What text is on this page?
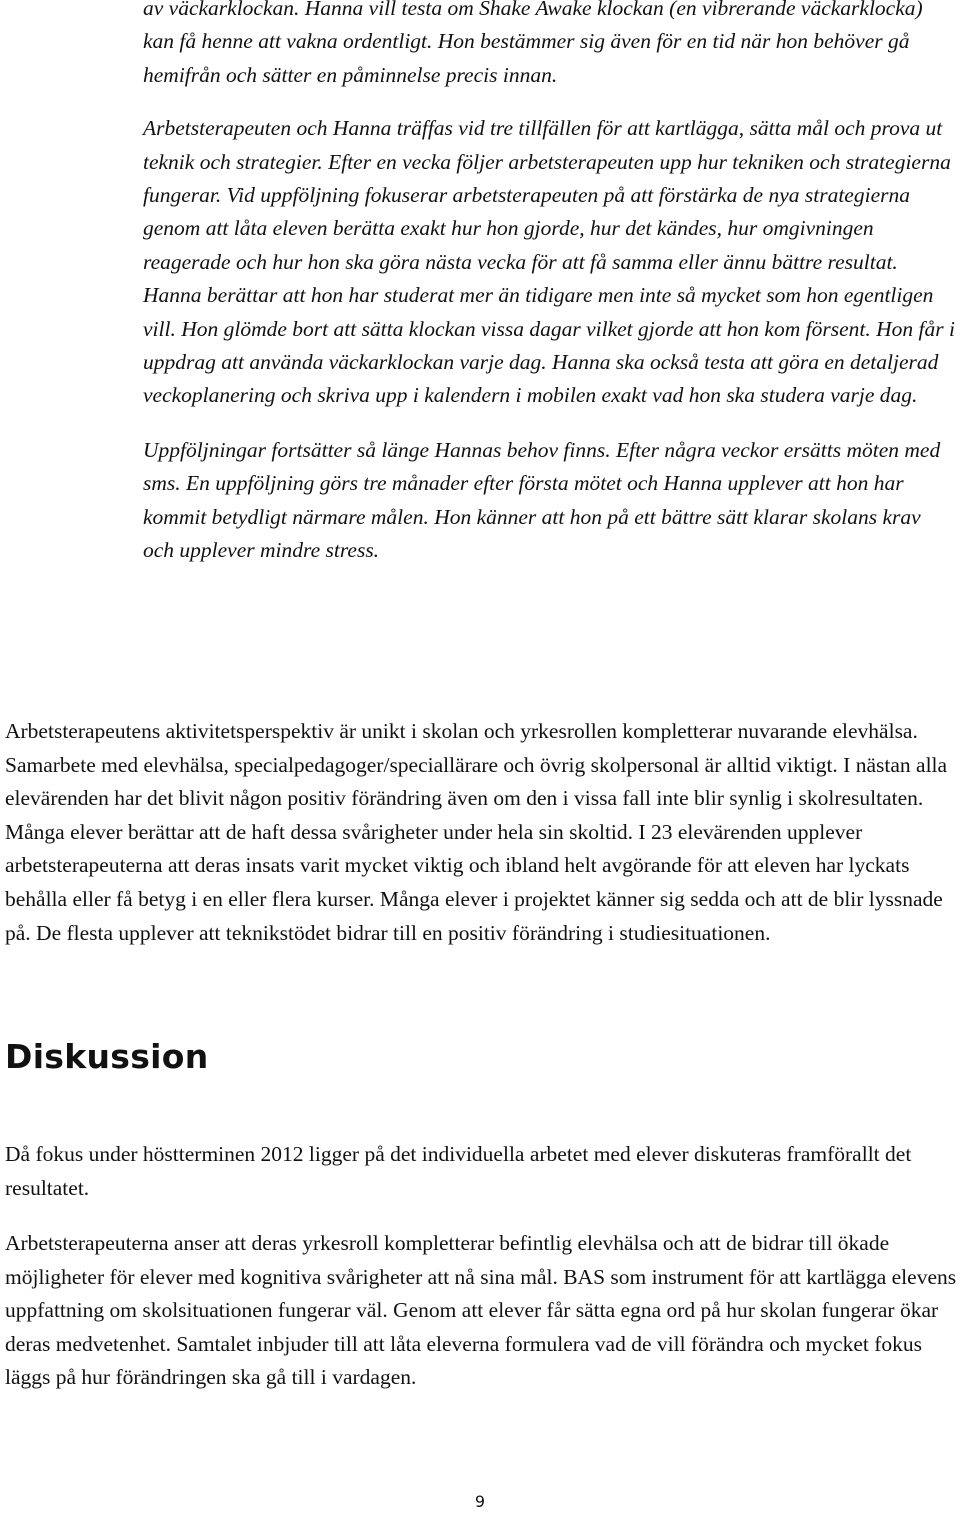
av väckarklockan. Hanna vill testa om Shake Awake klockan (en vibrerande väckarklocka) kan få henne att vakna ordentligt. Hon bestämmer sig även för en tid när hon behöver gå hemifrån och sätter en påminnelse precis innan.

Arbetsterapeuten och Hanna träffas vid tre tillfällen för att kartlägga, sätta mål och prova ut teknik och strategier. Efter en vecka följer arbetsterapeuten upp hur tekniken och strategierna fungerar. Vid uppföljning fokuserar arbetsterapeuten på att förstärka de nya strategierna genom att låta eleven berätta exakt hur hon gjorde, hur det kändes, hur omgivningen reagerade och hur hon ska göra nästa vecka för att få samma eller ännu bättre resultat. Hanna berättar att hon har studerat mer än tidigare men inte så mycket som hon egentligen vill. Hon glömde bort att sätta klockan vissa dagar vilket gjorde att hon kom försent. Hon får i uppdrag att använda väckarklockan varje dag. Hanna ska också testa att göra en detaljerad veckoplanering och skriva upp i kalendern i mobilen exakt vad hon ska studera varje dag.

Uppföljningar fortsätter så länge Hannas behov finns. Efter några veckor ersätts möten med sms. En uppföljning görs tre månader efter första mötet och Hanna upplever att hon har kommit betydligt närmare målen. Hon känner att hon på ett bättre sätt klarar skolans krav och upplever mindre stress.

Arbetsterapeutens aktivitetsperspektiv är unikt i skolan och yrkesrollen kompletterar nuvarande elevhälsa. Samarbete med elevhälsa, specialpedagoger/speciallärare och övrig skolpersonal är alltid viktigt. I nästan alla elevärenden har det blivit någon positiv förändring även om den i vissa fall inte blir synlig i skolresultaten. Många elever berättar att de haft dessa svårigheter under hela sin skoltid. I 23 elevärenden upplever arbetsterapeuterna att deras insats varit mycket viktig och ibland helt avgörande för att eleven har lyckats behålla eller få betyg i en eller flera kurser. Många elever i projektet känner sig sedda och att de blir lyssnade på. De flesta upplever att teknikstödet bidrar till en positiv förändring i studiesituationen.

Diskussion

Då fokus under höstterminen 2012 ligger på det individuella arbetet med elever diskuteras framförallt det resultatet.

Arbetsterapeuterna anser att deras yrkesroll kompletterar befintlig elevhälsa och att de bidrar till ökade möjligheter för elever med kognitiva svårigheter att nå sina mål. BAS som instrument för att kartlägga elevens uppfattning om skolsituationen fungerar väl. Genom att elever får sätta egna ord på hur skolan fungerar ökar deras medvetenhet. Samtalet inbjuder till att låta eleverna formulera vad de vill förändra och mycket fokus läggs på hur förändringen ska gå till i vardagen.

9
